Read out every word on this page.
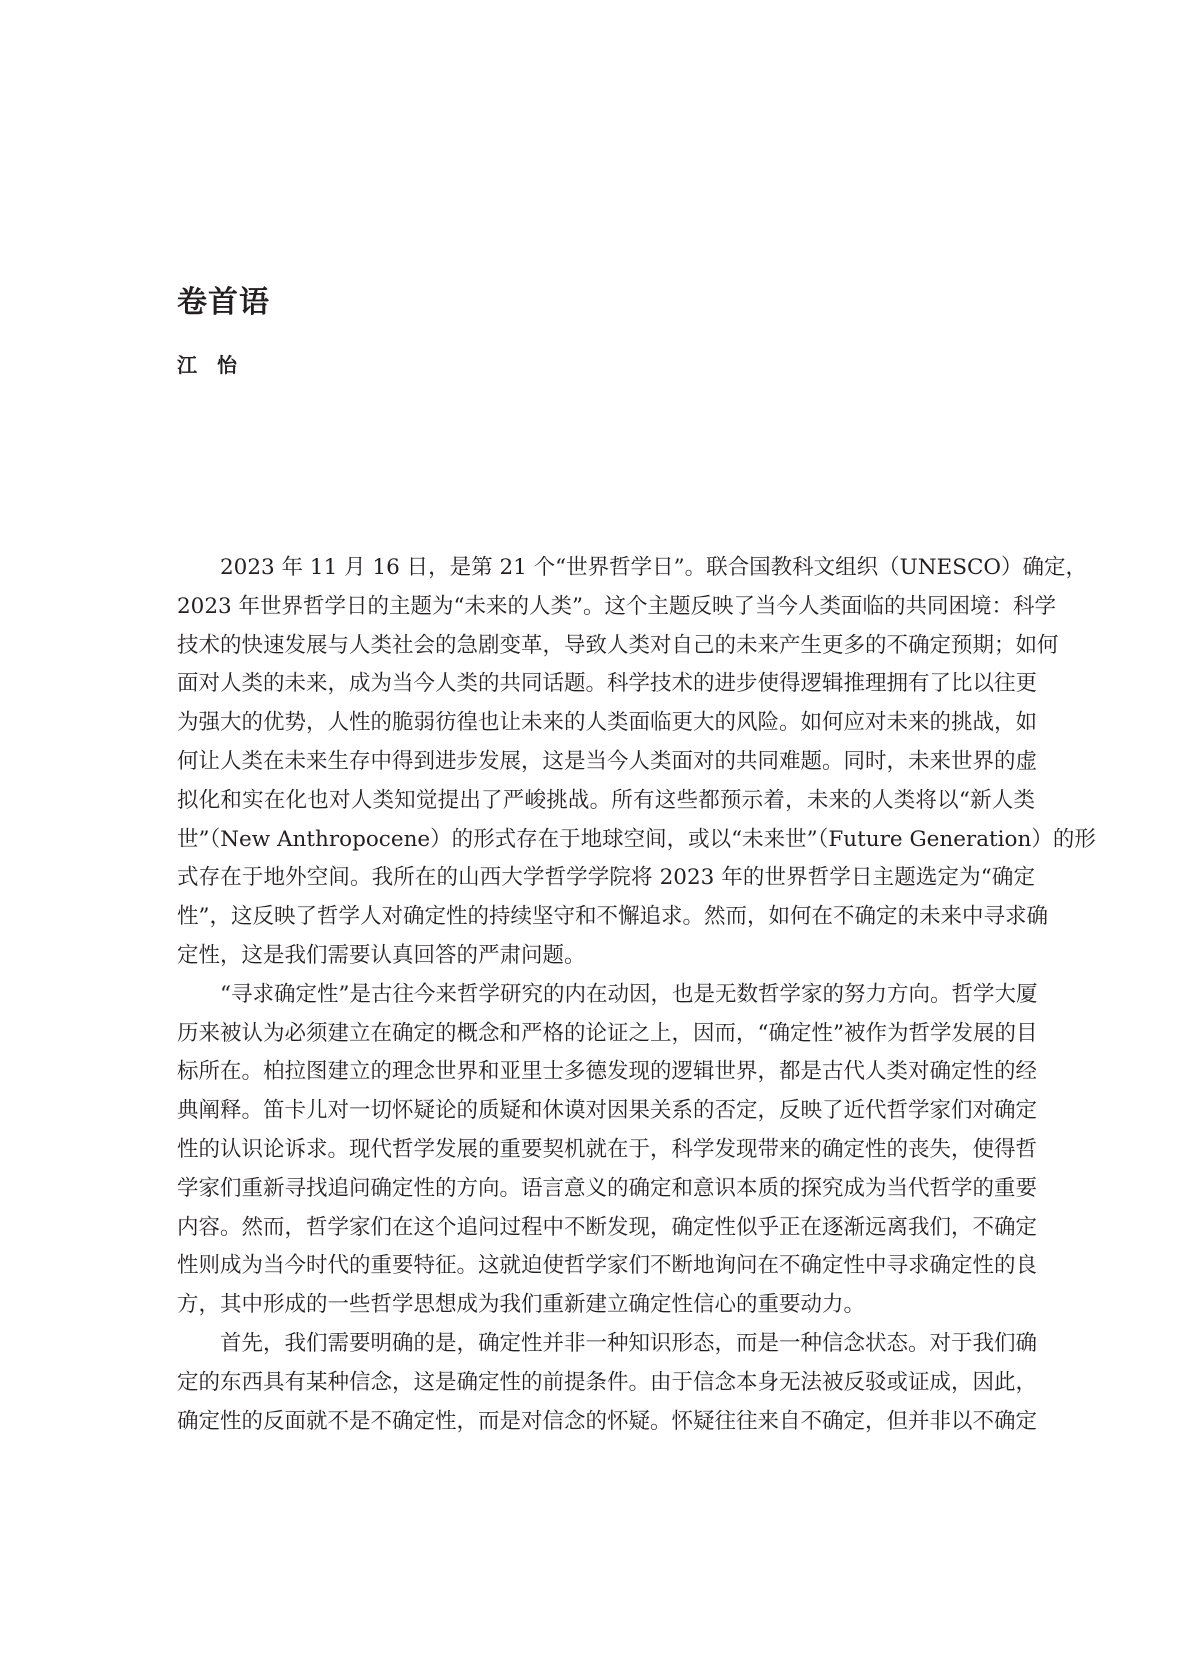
卷首语
江怡
2023 年 11 月 16 日，是第 21 个“世界哲学日”。联合国教科文组织（UNESCO）确定，
2023 年世界哲学日的主题为“未来的人类”。这个主题反映了当今人类面临的共同困境：科学
技术的快速发展与人类社会的急剧变革，导致人类对自己的未来产生更多的不确定预期；如何
面对人类的未来，成为当今人类的共同话题。科学技术的进步使得逻辑推理拥有了比以往更
为强大的优势，人性的脆弱彷徨也让未来的人类面临更大的风险。如何应对未来的挑战，如
何让人类在未来生存中得到进步发展，这是当今人类面对的共同难题。同时，未来世界的虚
拟化和实在化也对人类知觉提出了严峻挑战。所有这些都预示着，未来的人类将以“新人类
世”（New Anthropocene）的形式存在于地球空间，或以“未来世”（Future Generation）的形
式存在于地外空间。我所在的山西大学哲学学院将 2023 年的世界哲学日主题选定为“确定
性”，这反映了哲学人对确定性的持续坚守和不懈追求。然而，如何在不确定的未来中寻求确
定性，这是我们需要认真回答的严肃问题。
“寻求确定性”是古往今来哲学研究的内在动因，也是无数哲学家的努力方向。哲学大厦
历来被认为必须建立在确定的概念和严格的论证之上，因而，“确定性”被作为哲学发展的目
标所在。柏拉图建立的理念世界和亚里士多德发现的逻辑世界，都是古代人类对确定性的经
典阐释。笛卡儿对一切怀疑论的质疑和休谟对因果关系的否定，反映了近代哲学家们对确定
性的认识论诉求。现代哲学发展的重要契机就在于，科学发现带来的确定性的丧失，使得哲
学家们重新寻找追问确定性的方向。语言意义的确定和意识本质的探究成为当代哲学的重要
内容。然而，哲学家们在这个追问过程中不断发现，确定性似乎正在逐渐远离我们，不确定
性则成为当今时代的重要特征。这就迫使哲学家们不断地询问在不确定性中寻求确定性的良
方，其中形成的一些哲学思想成为我们重新建立确定性信心的重要动力。
首先，我们需要明确的是，确定性并非一种知识形态，而是一种信念状态。对于我们确
定的东西具有某种信念，这是确定性的前提条件。由于信念本身无法被反驳或证成，因此，
确定性的反面就不是不确定性，而是对信念的怀疑。怀疑往往来自不确定，但并非以不确定
